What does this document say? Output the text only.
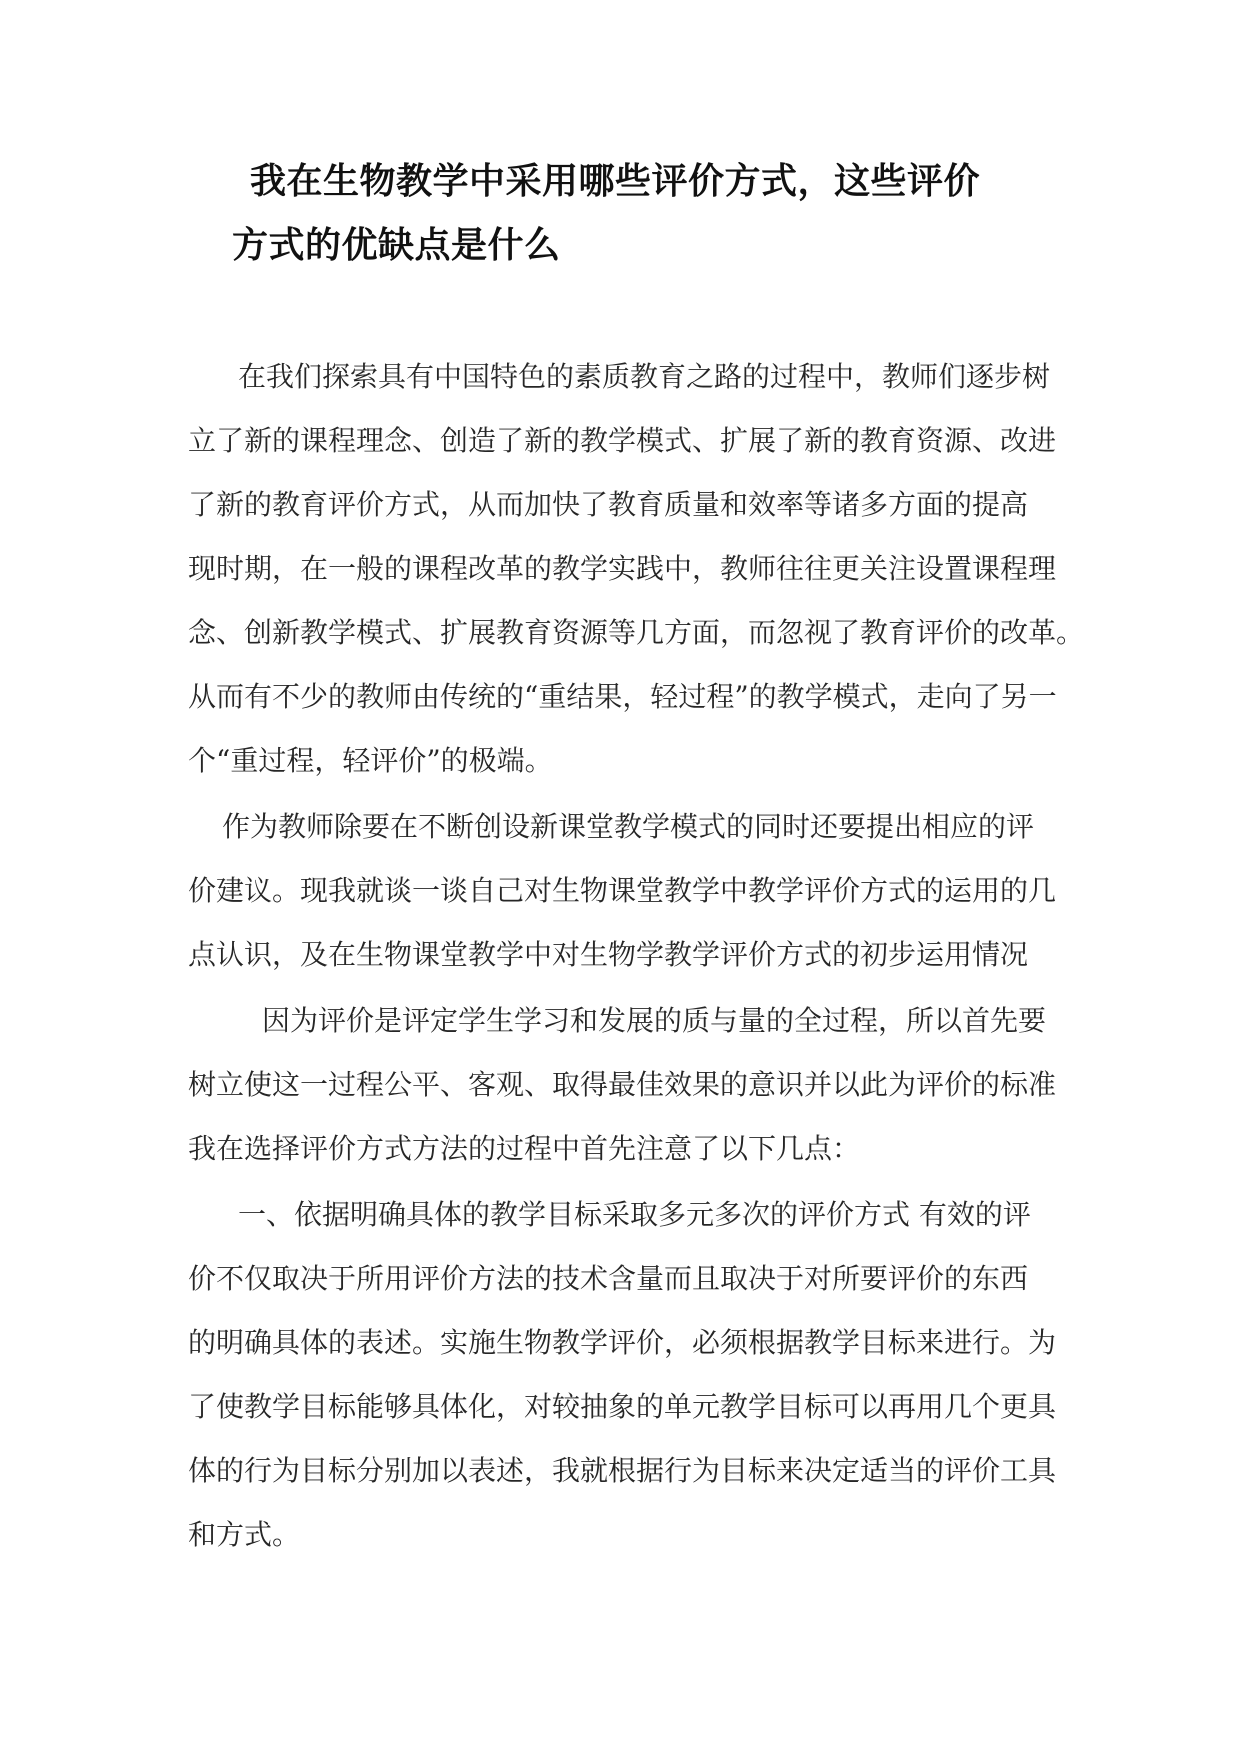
我在生物教学中采用哪些评价方式，这些评价
方式的优缺点是什么
在我们探索具有中国特色的素质教育之路的过程中，教师们逐步树
立了新的课程理念、创造了新的教学模式、扩展了新的教育资源、改进
了新的教育评价方式，从而加快了教育质量和效率等诸多方面的提高
现时期，在一般的课程改革的教学实践中，教师往往更关注设置课程理
念、创新教学模式、扩展教育资源等几方面，而忽视了教育评价的改革。
从而有不少的教师由传统的“重结果，轻过程”的教学模式，走向了另一
个“重过程，轻评价”的极端。
作为教师除要在不断创设新课堂教学模式的同时还要提出相应的评
价建议。现我就谈一谈自己对生物课堂教学中教学评价方式的运用的几
点认识，及在生物课堂教学中对生物学教学评价方式的初步运用情况
因为评价是评定学生学习和发展的质与量的全过程，所以首先要
树立使这一过程公平、客观、取得最佳效果的意识并以此为评价的标准
我在选择评价方式方法的过程中首先注意了以下几点：
一、依据明确具体的教学目标采取多元多次的评价方式 有效的评
价不仅取决于所用评价方法的技术含量而且取决于对所要评价的东西
的明确具体的表述。实施生物教学评价，必须根据教学目标来进行。为
了使教学目标能够具体化，对较抽象的单元教学目标可以再用几个更具
体的行为目标分别加以表述，我就根据行为目标来决定适当的评价工具
和方式。
